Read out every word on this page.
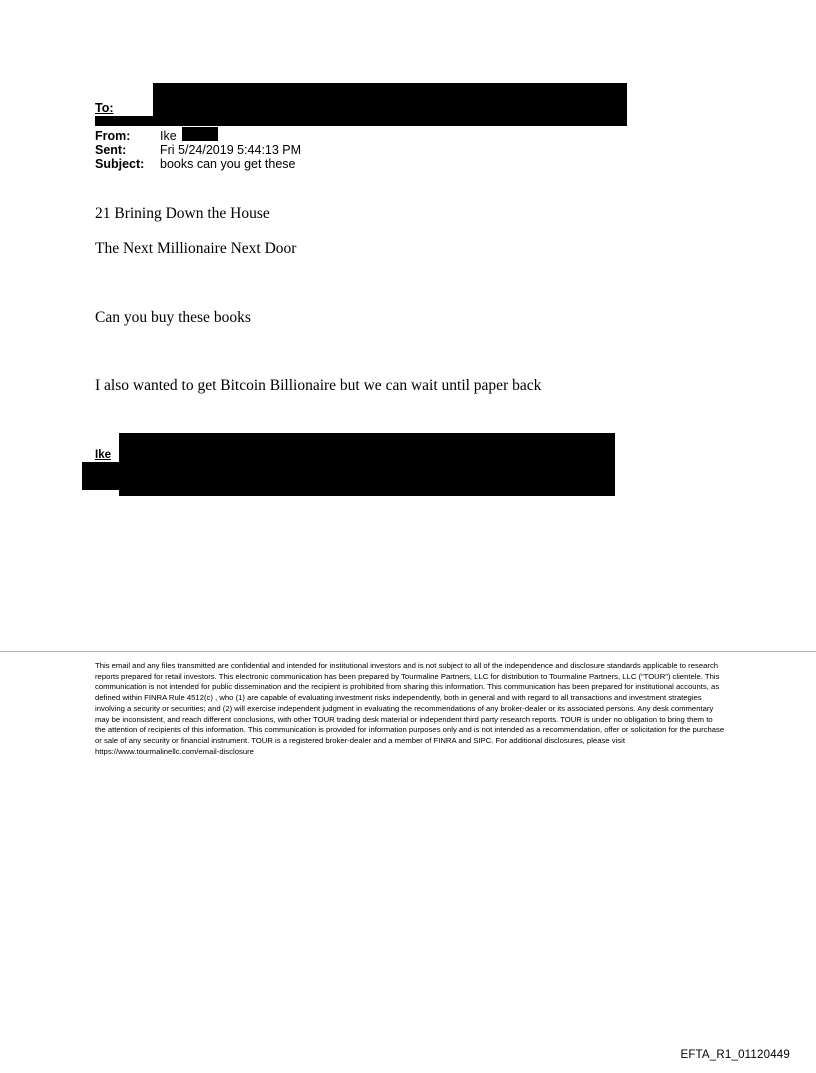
To:
From: Ike
Sent:	Fri 5/24/2019 5:44:13 PM
Subject: books can you get these
21 Brining Down the House
The Next Millionaire Next Door
Can you buy these books
I also wanted to get Bitcoin Billionaire but we can wait until paper back
Ike
This email and any files transmitted are confidential and intended for institutional investors and is not subject to all of the independence and disclosure standards applicable to research reports prepared for retail investors. This electronic communication has been prepared by Tourmaline Partners, LLC for distribution to Tourmaline Partners, LLC (“TOUR”) clientele. This communication is not intended for public dissemination and the recipient is prohibited from sharing this information. This communication has been prepared for institutional accounts, as defined within FINRA Rule 4512(c) , who (1) are capable of evaluating investment risks independently, both in general and with regard to all transactions and investment strategies involving a security or securities; and (2) will exercise independent judgment in evaluating the recommendations of any broker-dealer or its associated persons. Any desk commentary may be inconsistent, and reach different conclusions, with other TOUR trading desk material or independent third party research reports. TOUR is under no obligation to bring them to the attention of recipients of this information. This communication is provided for information purposes only and is not intended as a recommendation, offer or solicitation for the purchase or sale of any security or financial instrument. TOUR is a registered broker-dealer and a member of FINRA and SIPC. For additional disclosures, please visit https://www.tourmalinellc.com/email-disclosure
EFTA_R1_01120449
